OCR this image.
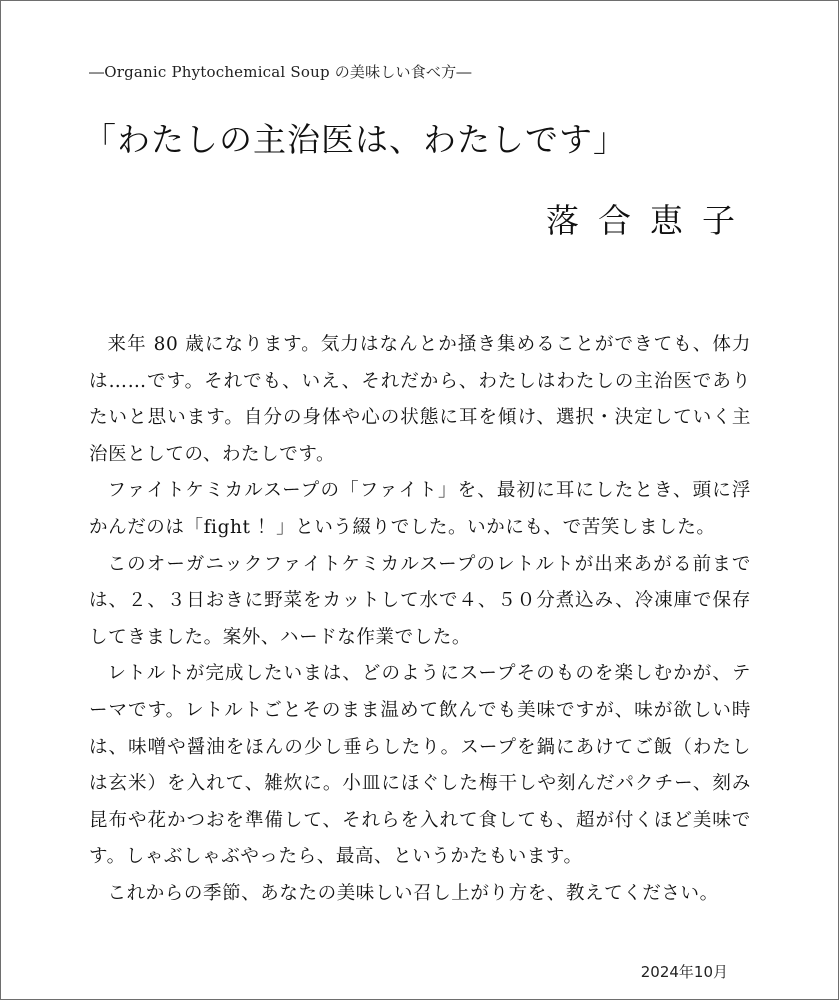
―Organic Phytochemical Soup の美味しい食べ方―
「わたしの主治医は、わたしです」
落合恵子

来年 80 歳になります。気力はなんとか掻き集めることができても、体力は……です。それでも、いえ、それだから、わたしはわたしの主治医でありたいと思います。自分の身体や心の状態に耳を傾け、選択・決定していく主治医としての、わたしです。

ファイトケミカルスープの「ファイト」を、最初に耳にしたとき、頭に浮かんだのは「fight ！」という綴りでした。いかにも、で苦笑しました。

このオーガニックファイトケミカルスープのレトルトが出来あがる前までは、２、３日おきに野菜をカットして水で４、５０分煮込み、冷凍庫で保存してきました。案外、ハードな作業でした。

レトルトが完成したいまは、どのようにスープそのものを楽しむかが、テーマです。レトルトごとそのまま温めて飲んでも美味ですが、味が欲しい時は、味噌や醤油をほんの少し垂らしたり。スープを鍋にあけてご飯（わたしは玄米）を入れて、雑炊に。小皿にほぐした梅干しや刻んだパクチー、刻み昆布や花かつおを準備して、それらを入れて食しても、超が付くほど美味です。しゃぶしゃぶやったら、最高、というかたもいます。

これからの季節、あなたの美味しい召し上がり方を、教えてください。

2024年10月
